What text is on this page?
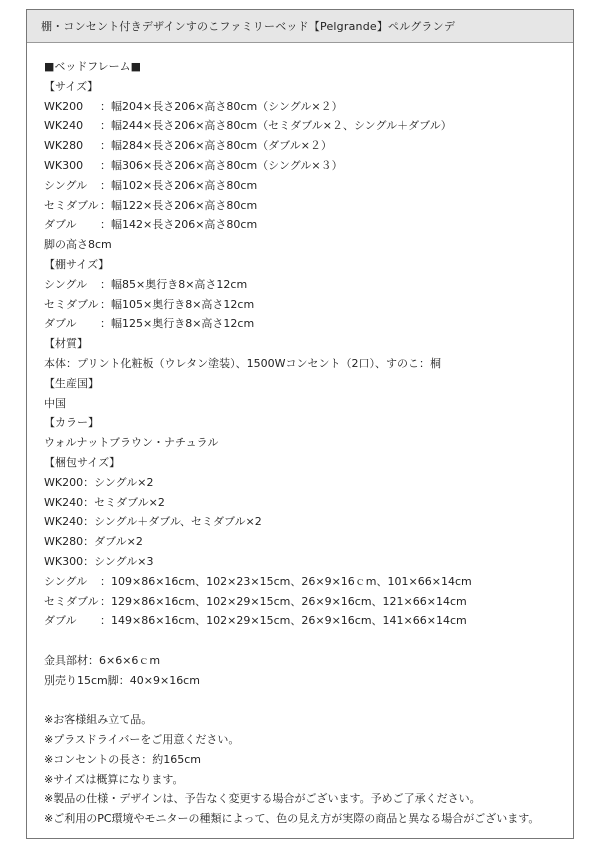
棚・コンセント付きデザインすのこファミリーベッド【Pelgrande】ペルグランデ
■ベッドフレーム■
【サイズ】
WK200	： 幅204×長さ206×高さ80cm（シングル×２）
WK240	： 幅244×長さ206×高さ80cm（セミダブル×２、シングル＋ダブル）
WK280	： 幅284×長さ206×高さ80cm（ダブル×２）
WK300	： 幅306×長さ206×高さ80cm（シングル×３）
シングル	： 幅102×長さ206×高さ80cm
セミダブル ： 幅122×長さ206×高さ80cm
ダブル	： 幅142×長さ206×高さ80cm
脚の高さ8cm
【棚サイズ】
シングル	： 幅85×奥行き8×高さ12cm
セミダブル ： 幅105×奥行き8×高さ12cm
ダブル	： 幅125×奥行き8×高さ12cm
【材質】
本体：プリント化粧板（ウレタン塗装）、1500Wコンセント（2口）、すのこ：桐
【生産国】
中国
【カラー】
ウォルナットブラウン・ナチュラル
【梱包サイズ】
WK200：シングル×2
WK240：セミダブル×2
WK240：シングル＋ダブル、セミダブル×2
WK280：ダブル×2
WK300：シングル×3
シングル	： 109×86×16cm、102×23×15cm、26×9×16ｃm、101×66×14cm
セミダブル ： 129×86×16cm、102×29×15cm、26×9×16cm、121×66×14cm
ダブル	： 149×86×16cm、102×29×15cm、26×9×16cm、141×66×14cm
金具部材：6×6×6ｃm
別売り15cm脚：40×9×16cm
※お客様組み立て品。
※プラスドライバーをご用意ください。
※コンセントの長さ：約165cm
※サイズは概算になります。
※製品の仕様・デザインは、予告なく変更する場合がございます。予めご了承ください。
※ご利用のPC環境やモニターの種類によって、色の見え方が実際の商品と異なる場合がございます。
